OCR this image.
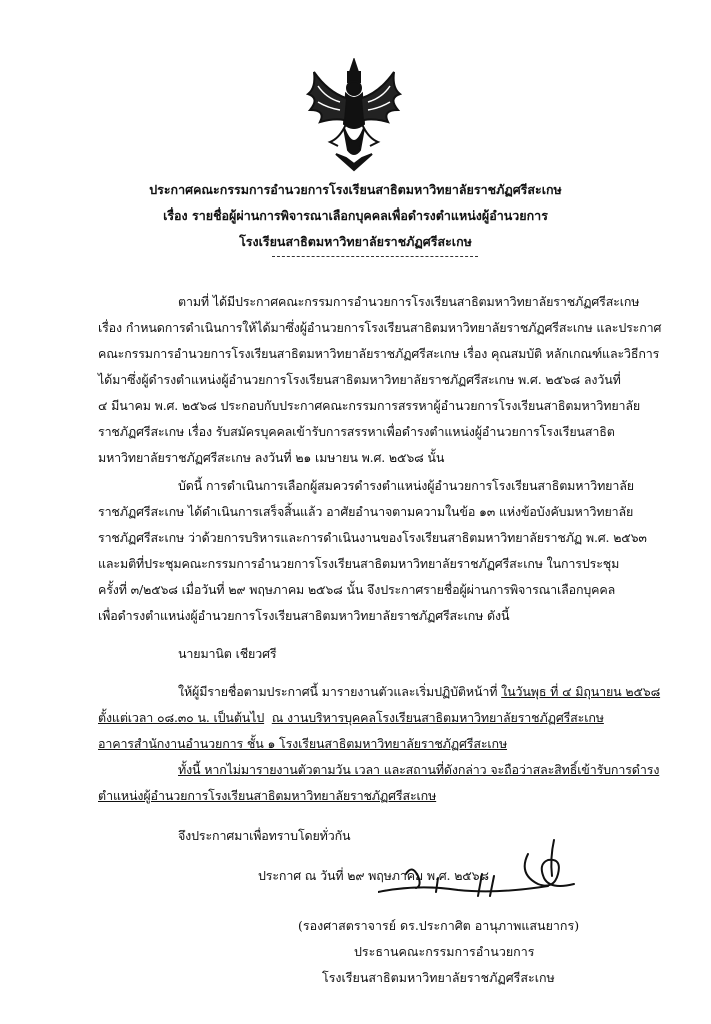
ประกาศคณะกรรมการอำนวยการโรงเรียนสาธิตมหาวิทยาลัยราชภัฏศรีสะเกษ
เรื่อง รายชื่อผู้ผ่านการพิจารณาเลือกบุคคลเพื่อดำรงตำแหน่งผู้อำนวยการ
โรงเรียนสาธิตมหาวิทยาลัยราชภัฏศรีสะเกษ
ตามที่ ได้มีประกาศคณะกรรมการอำนวยการโรงเรียนสาธิตมหาวิทยาลัยราชภัฏศรีสะเกษ
เรื่อง กำหนดการดำเนินการให้ได้มาซึ่งผู้อำนวยการโรงเรียนสาธิตมหาวิทยาลัยราชภัฏศรีสะเกษ และประกาศ
คณะกรรมการอำนวยการโรงเรียนสาธิตมหาวิทยาลัยราชภัฏศรีสะเกษ เรื่อง คุณสมบัติ หลักเกณฑ์และวิธีการ
ได้มาซึ่งผู้ดำรงตำแหน่งผู้อำนวยการโรงเรียนสาธิตมหาวิทยาลัยราชภัฏศรีสะเกษ พ.ศ. ๒๕๖๘ ลงวันที่
๔ มีนาคม พ.ศ. ๒๕๖๘ ประกอบกับประกาศคณะกรรมการสรรหาผู้อำนวยการโรงเรียนสาธิตมหาวิทยาลัย
ราชภัฏศรีสะเกษ เรื่อง รับสมัครบุคคลเข้ารับการสรรหาเพื่อดำรงตำแหน่งผู้อำนวยการโรงเรียนสาธิต
มหาวิทยาลัยราชภัฏศรีสะเกษ ลงวันที่ ๒๑ เมษายน พ.ศ. ๒๕๖๘ นั้น
บัดนี้ การดำเนินการเลือกผู้สมควรดำรงตำแหน่งผู้อำนวยการโรงเรียนสาธิตมหาวิทยาลัย
ราชภัฏศรีสะเกษ ได้ดำเนินการเสร็จสิ้นแล้ว อาศัยอำนาจตามความในข้อ ๑๓ แห่งข้อบังคับมหาวิทยาลัย
ราชภัฏศรีสะเกษ ว่าด้วยการบริหารและการดำเนินงานของโรงเรียนสาธิตมหาวิทยาลัยราชภัฏ พ.ศ. ๒๕๖๓
และมติที่ประชุมคณะกรรมการอำนวยการโรงเรียนสาธิตมหาวิทยาลัยราชภัฏศรีสะเกษ ในการประชุม
ครั้งที่ ๓/๒๕๖๘ เมื่อวันที่ ๒๙ พฤษภาคม ๒๕๖๘ นั้น จึงประกาศรายชื่อผู้ผ่านการพิจารณาเลือกบุคคล
เพื่อดำรงตำแหน่งผู้อำนวยการโรงเรียนสาธิตมหาวิทยาลัยราชภัฏศรีสะเกษ ดังนี้
นายมานิต เชียวศรี
ให้ผู้มีรายชื่อตามประกาศนี้ มารายงานตัวและเริ่มปฏิบัติหน้าที่ ในวันพุธ ที่ ๔ มิถุนายน ๒๕๖๘
ตั้งแต่เวลา ๐๘.๓๐ น. เป็นต้นไป ณ งานบริหารบุคคลโรงเรียนสาธิตมหาวิทยาลัยราชภัฏศรีสะเกษ
อาคารสำนักงานอำนวยการ ชั้น ๑ โรงเรียนสาธิตมหาวิทยาลัยราชภัฏศรีสะเกษ
ทั้งนี้ หากไม่มารายงานตัวตามวัน เวลา และสถานที่ดังกล่าว จะถือว่าสละสิทธิ์เข้ารับการดำรง
ตำแหน่งผู้อำนวยการโรงเรียนสาธิตมหาวิทยาลัยราชภัฏศรีสะเกษ
จึงประกาศมาเพื่อทราบโดยทั่วกัน
ประกาศ ณ วันที่ ๒๙ พฤษภาคม พ.ศ. ๒๕๖๘
(รองศาสตราจารย์ ดร.ประกาศิต อานุภาพแสนยากร)
ประธานคณะกรรมการอำนวยการ
โรงเรียนสาธิตมหาวิทยาลัยราชภัฏศรีสะเกษ
